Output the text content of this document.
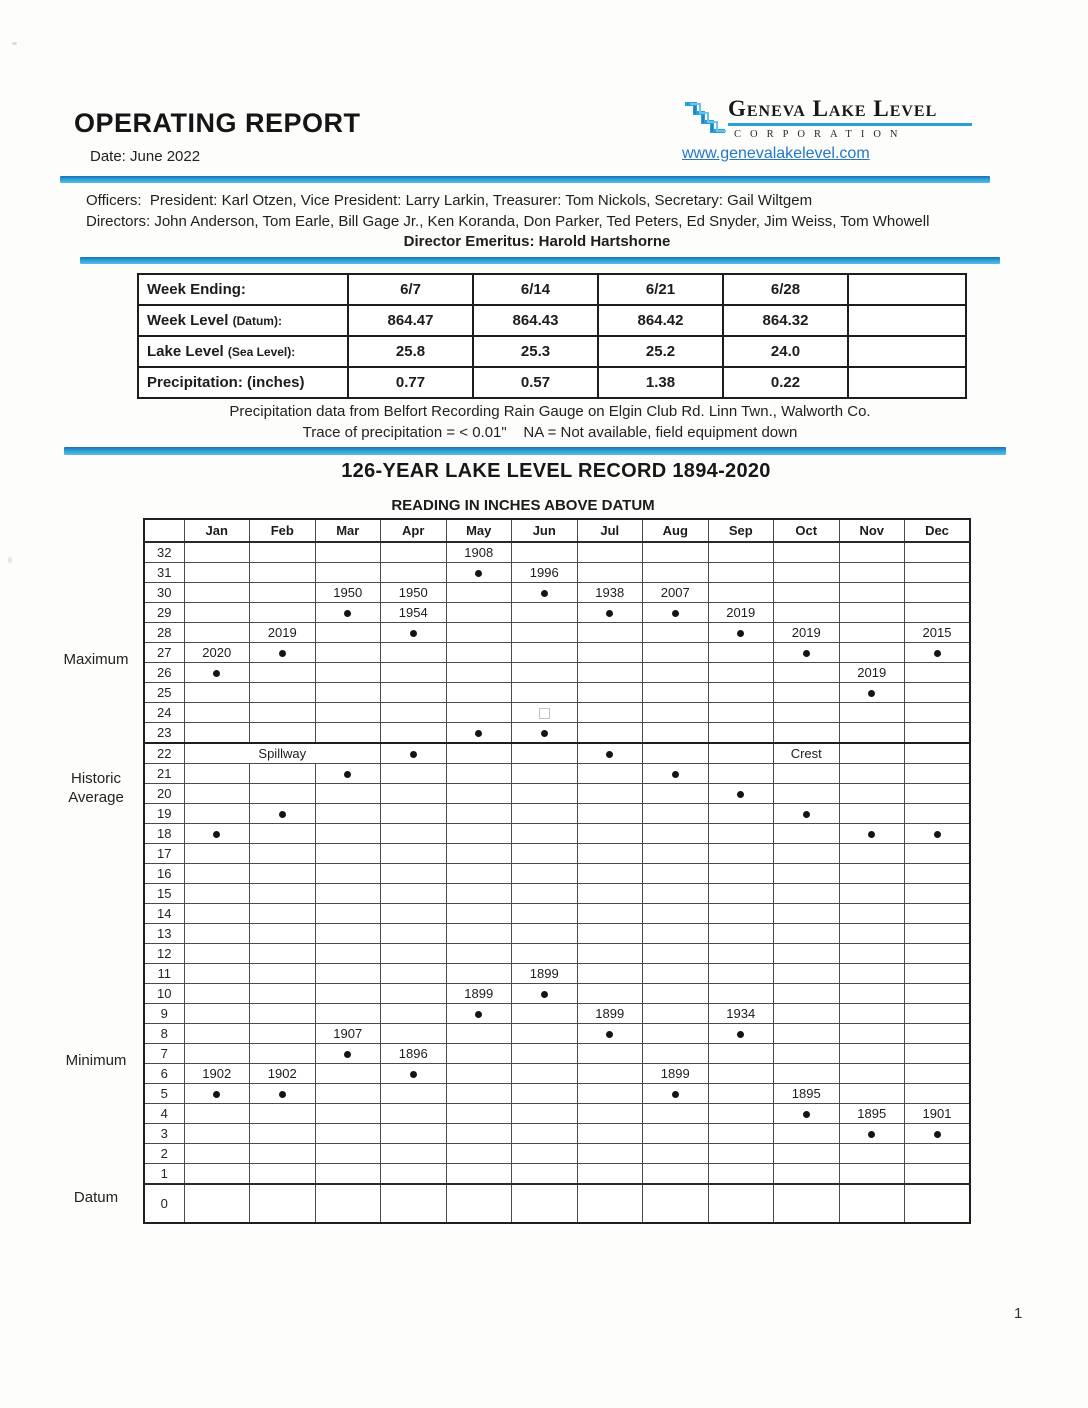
OPERATING REPORT
Date: June 2022
Geneva Lake Level
CORPORATION
www.genevalakelevel.com
Officers:  President: Karl Otzen, Vice President: Larry Larkin, Treasurer: Tom Nickols, Secretary: Gail Wiltgem
Directors: John Anderson, Tom Earle, Bill Gage Jr., Ken Koranda, Don Parker, Ted Peters, Ed Snyder, Jim Weiss, Tom Whowell
Director Emeritus: Harold Hartshorne
Week Ending:	6/7	6/14	6/21	6/28	
Week Level (Datum):	864.47	864.43	864.42	864.32	
Lake Level (Sea Level):	25.8	25.3	25.2	24.0	
Precipitation: (inches)	0.77	0.57	1.38	0.22	
Precipitation data from Belfort Recording Rain Gauge on Elgin Club Rd. Linn Twn., Walworth Co.
Trace of precipitation = < 0.01"    NA = Not available, field equipment down
126-YEAR LAKE LEVEL RECORD 1894-2020
READING IN INCHES ABOVE DATUM
Maximum
Historic Average
Minimum
Datum
	Jan	Feb	Mar	Apr	May	Jun	Jul	Aug	Sep	Oct	Nov	Dec
32					1908							
31						1996						
30			1950	1950			1938	2007				
29				1954					2019			
28		2019								2019		2015
27	2020											
26											2019	
25												
24												
23												
22	Spillway									Crest		
21												
20												
19												
18												
17												
16												
15												
14												
13												
12												
11						1899						
10					1899							
9							1899		1934			
8			1907									
7				1896								
6	1902	1902						1899				
5										1895		
4											1895	1901
3												
2												
1												
0												
1
